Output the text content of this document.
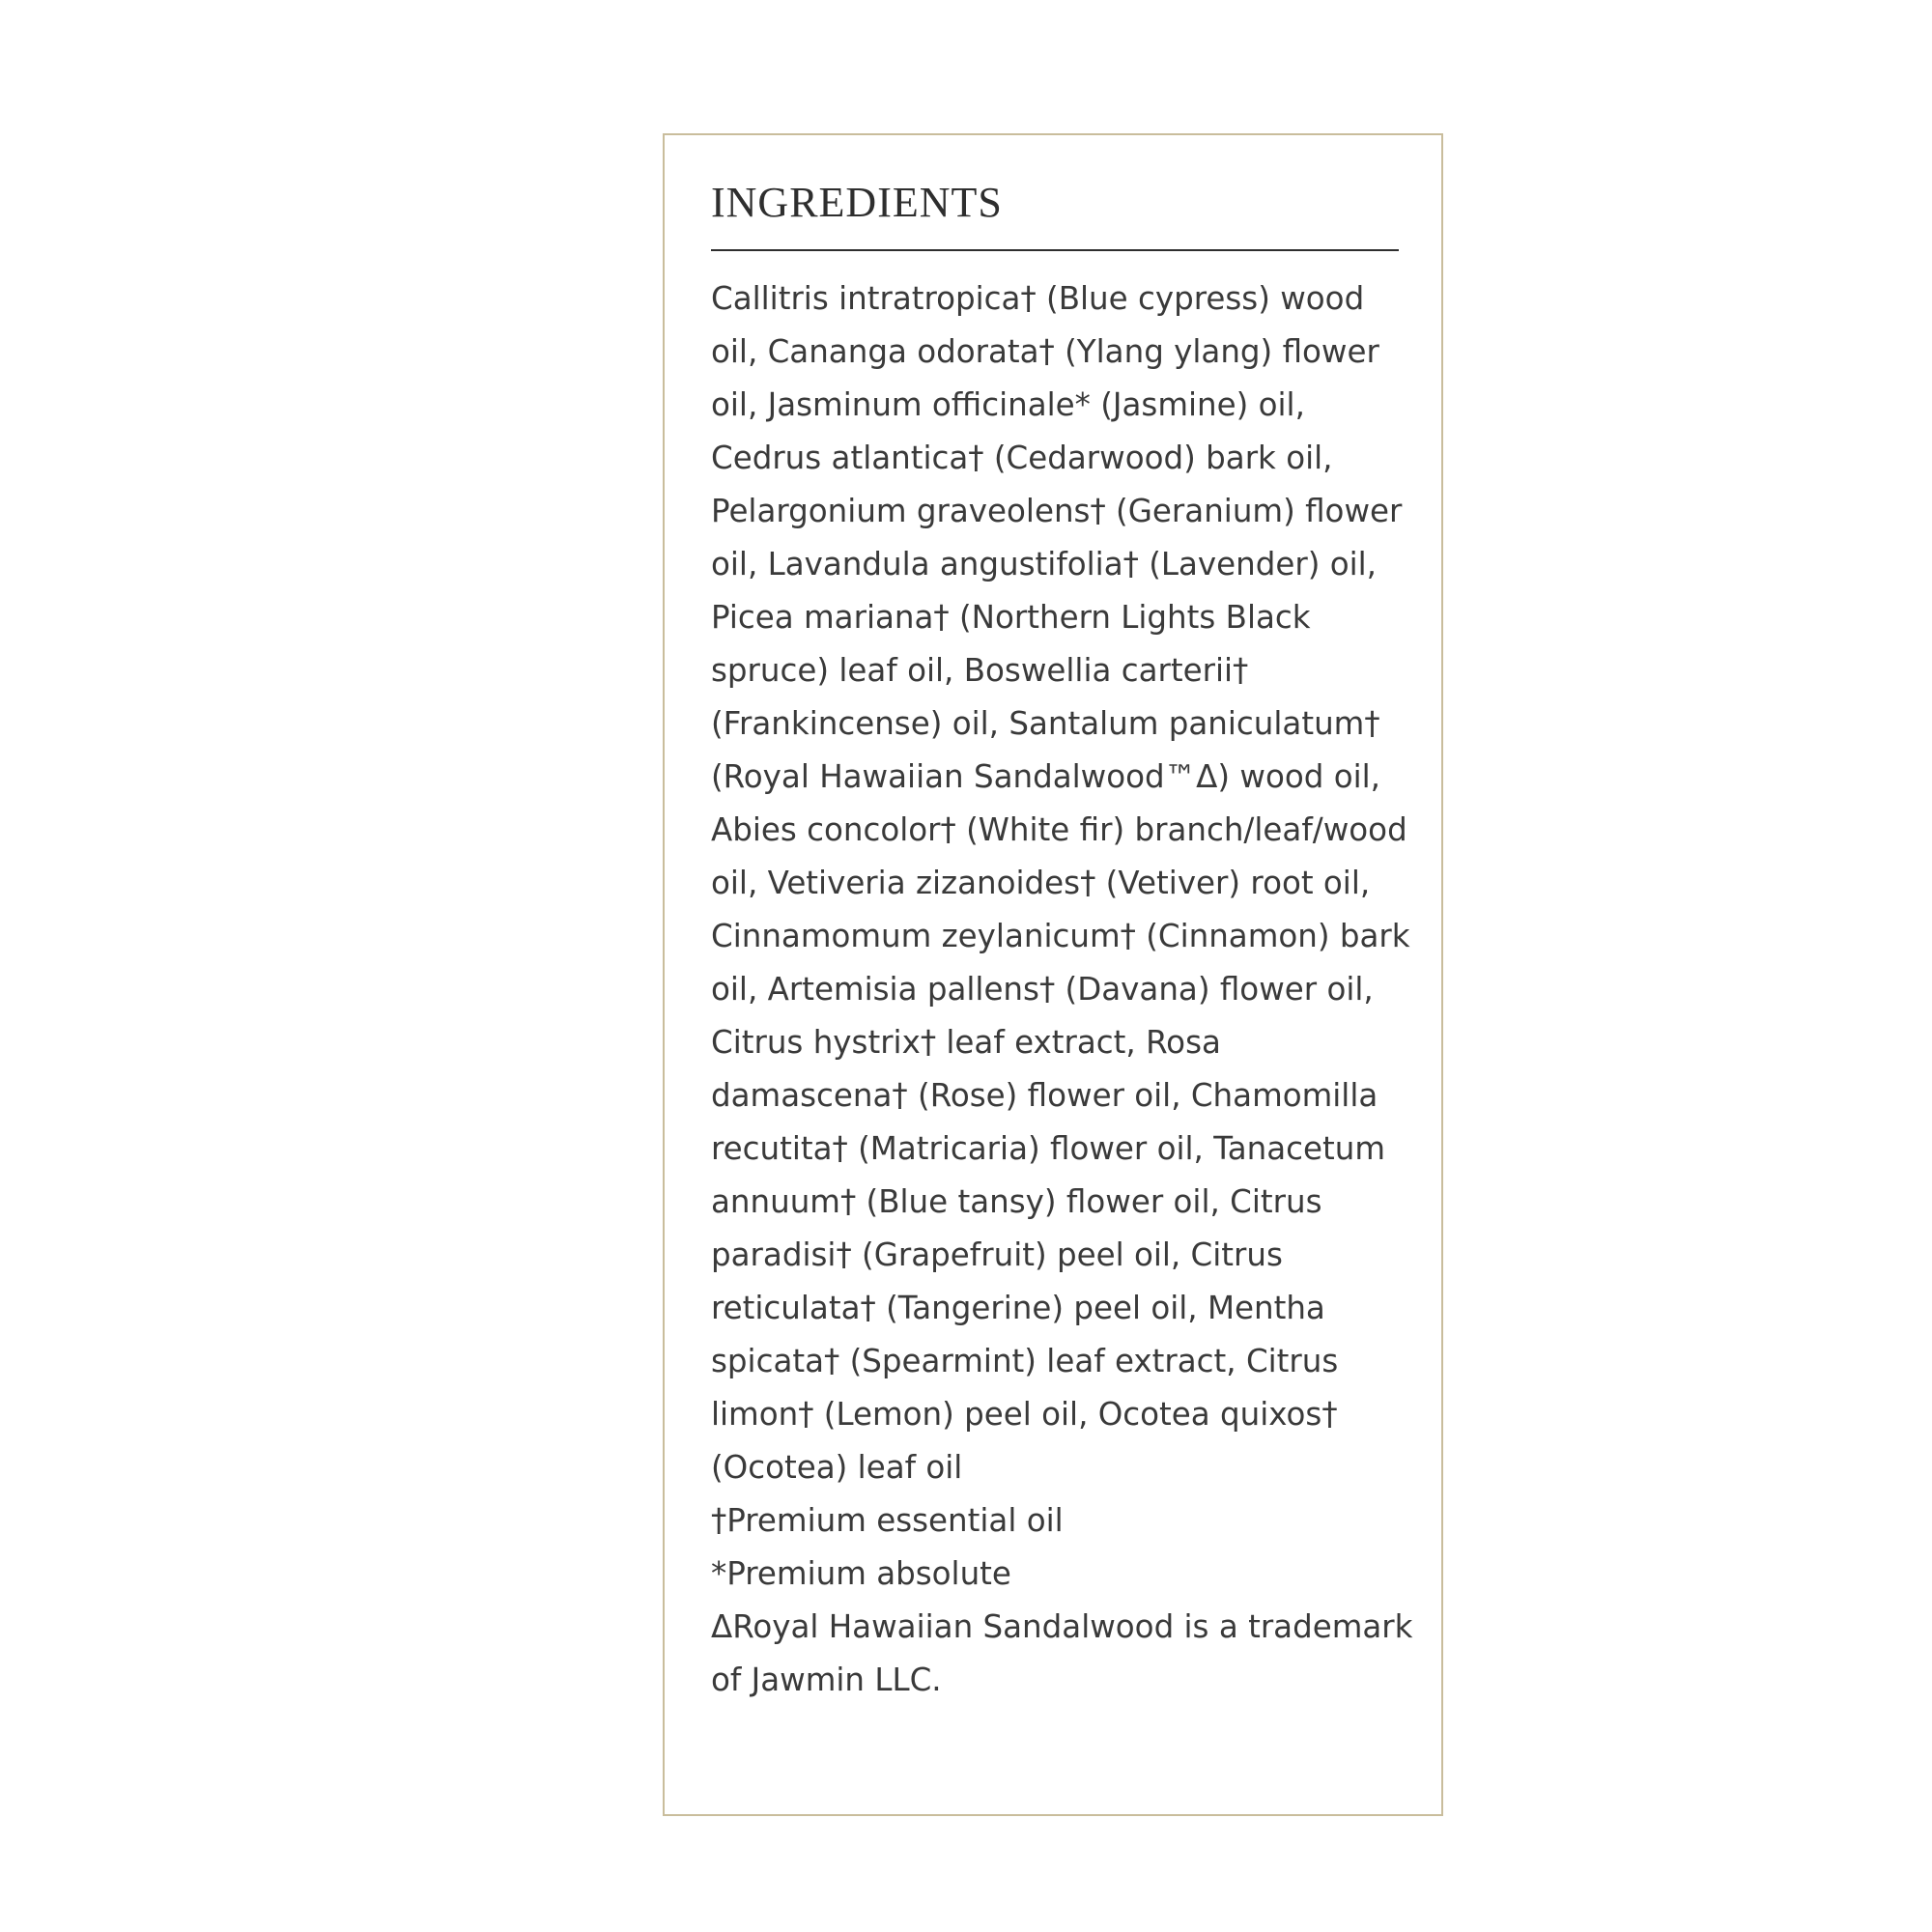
INGREDIENTS

Callitris intratropica† (Blue cypress) wood oil, Cananga odorata† (Ylang ylang) flower oil, Jasminum officinale* (Jasmine) oil, Cedrus atlantica† (Cedarwood) bark oil, Pelargonium graveolens† (Geranium) flower oil, Lavandula angustifolia† (Lavender) oil, Picea mariana† (Northern Lights Black spruce) leaf oil, Boswellia carterii† (Frankincense) oil, Santalum paniculatum† (Royal Hawaiian Sandalwood™Δ) wood oil, Abies concolor† (White fir) branch/leaf/wood oil, Vetiveria zizanoides† (Vetiver) root oil, Cinnamomum zeylanicum† (Cinnamon) bark oil, Artemisia pallens† (Davana) flower oil, Citrus hystrix† leaf extract, Rosa damascena† (Rose) flower oil, Chamomilla recutita† (Matricaria) flower oil, Tanacetum annuum† (Blue tansy) flower oil, Citrus paradisi† (Grapefruit) peel oil, Citrus reticulata† (Tangerine) peel oil, Mentha spicata† (Spearmint) leaf extract, Citrus limon† (Lemon) peel oil, Ocotea quixos† (Ocotea) leaf oil

†Premium essential oil

*Premium absolute

ΔRoyal Hawaiian Sandalwood is a trademark of Jawmin LLC.
